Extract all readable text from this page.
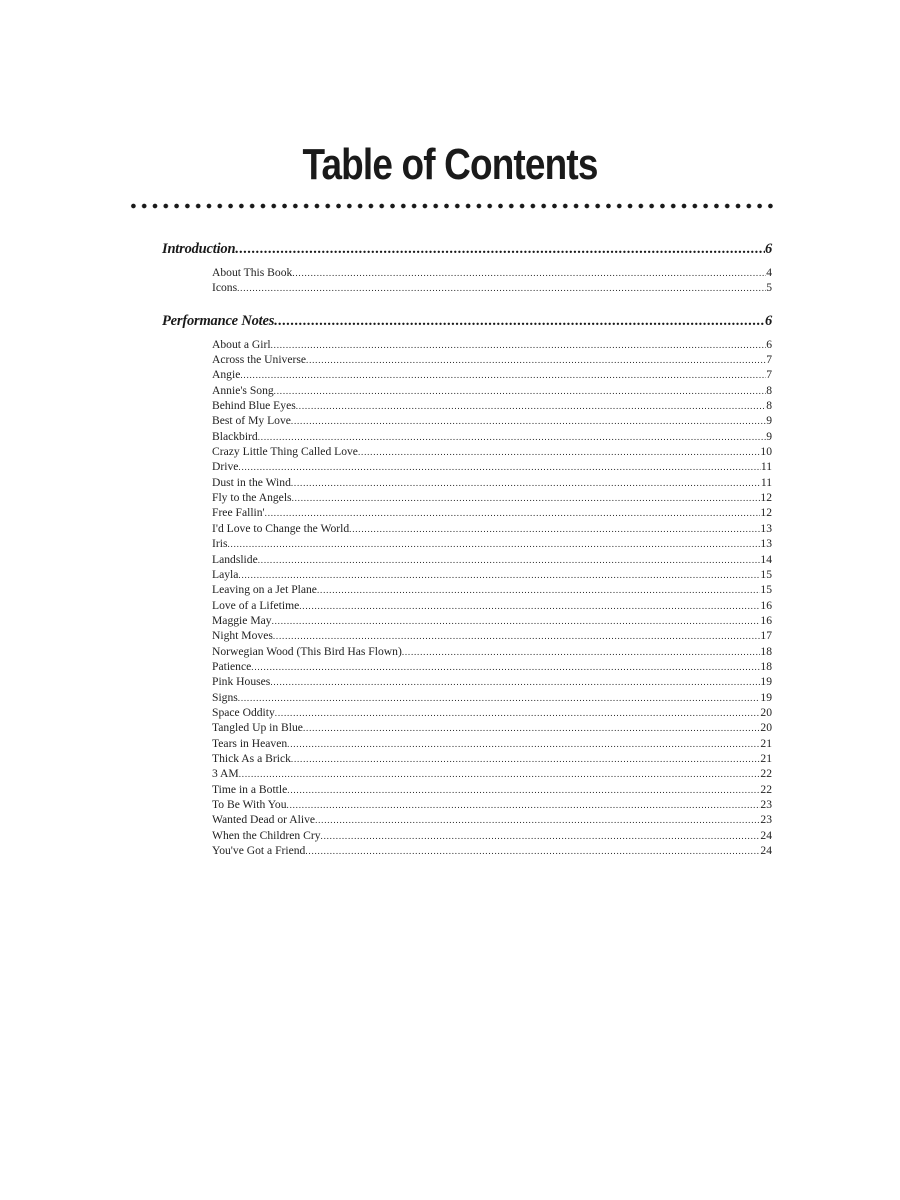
Table of Contents
Introduction .....	6
About This Book .....	4
Icons .....	5
Performance Notes .....	6
About a Girl .....	6
Across the Universe .....	7
Angie .....	7
Annie's Song .....	8
Behind Blue Eyes .....	8
Best of My Love .....	9
Blackbird .....	9
Crazy Little Thing Called Love .....	10
Drive .....	11
Dust in the Wind .....	11
Fly to the Angels .....	12
Free Fallin' .....	12
I'd Love to Change the World .....	13
Iris .....	13
Landslide .....	14
Layla .....	15
Leaving on a Jet Plane .....	15
Love of a Lifetime .....	16
Maggie May .....	16
Night Moves .....	17
Norwegian Wood (This Bird Has Flown) .....	18
Patience .....	18
Pink Houses .....	19
Signs .....	19
Space Oddity .....	20
Tangled Up in Blue .....	20
Tears in Heaven .....	21
Thick As a Brick .....	21
3 AM .....	22
Time in a Bottle .....	22
To Be With You .....	23
Wanted Dead or Alive .....	23
When the Children Cry .....	24
You've Got a Friend .....	24
